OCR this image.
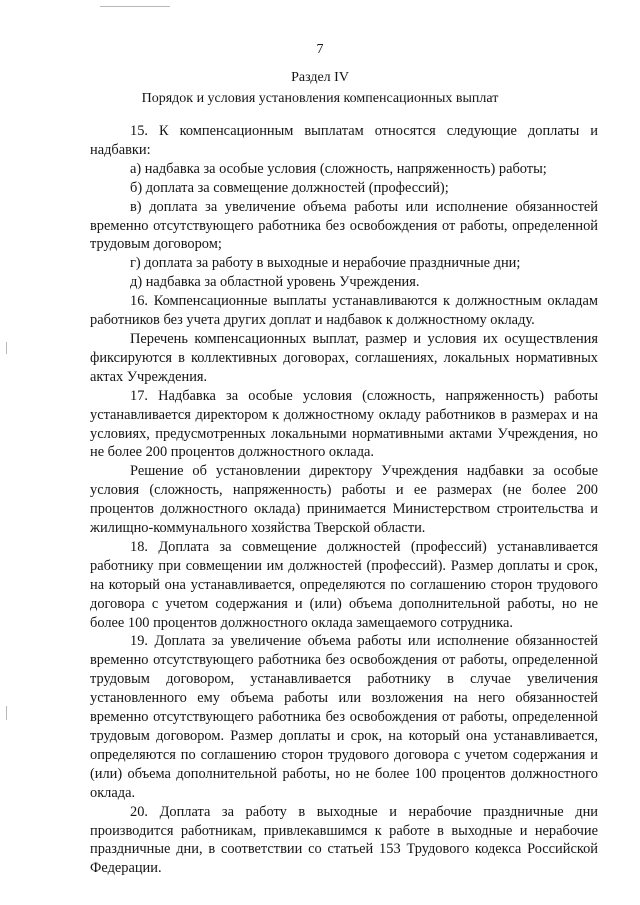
7
Раздел IV
Порядок и условия установления компенсационных выплат

15. К компенсационным выплатам относятся следующие доплаты и надбавки:

а) надбавка за особые условия (сложность, напряженность) работы;

б) доплата за совмещение должностей (профессий);

в) доплата за увеличение объема работы или исполнение обязанностей временно отсутствующего работника без освобождения от работы, определенной трудовым договором;

г) доплата за работу в выходные и нерабочие праздничные дни;

д) надбавка за областной уровень Учреждения.

16. Компенсационные выплаты устанавливаются к должностным окладам работников без учета других доплат и надбавок к должностному окладу.

Перечень компенсационных выплат, размер и условия их осуществления фиксируются в коллективных договорах, соглашениях, локальных нормативных актах Учреждения.

17. Надбавка за особые условия (сложность, напряженность) работы устанавливается директором к должностному окладу работников в размерах и на условиях, предусмотренных локальными нормативными актами Учреждения, но не более 200 процентов должностного оклада.

Решение об установлении директору Учреждения надбавки за особые условия (сложность, напряженность) работы и ее размерах (не более 200 процентов должностного оклада) принимается Министерством строительства и жилищно-коммунального хозяйства Тверской области.

18. Доплата за совмещение должностей (профессий) устанавливается работнику при совмещении им должностей (профессий). Размер доплаты и срок, на который она устанавливается, определяются по соглашению сторон трудового договора с учетом содержания и (или) объема дополнительной работы, но не более 100 процентов должностного оклада замещаемого сотрудника.

19. Доплата за увеличение объема работы или исполнение обязанностей временно отсутствующего работника без освобождения от работы, определенной трудовым договором, устанавливается работнику в случае увеличения установленного ему объема работы или возложения на него обязанностей временно отсутствующего работника без освобождения от работы, определенной трудовым договором. Размер доплаты и срок, на который она устанавливается, определяются по соглашению сторон трудового договора с учетом содержания и (или) объема дополнительной работы, но не более 100 процентов должностного оклада.

20. Доплата за работу в выходные и нерабочие праздничные дни производится работникам, привлекавшимся к работе в выходные и нерабочие праздничные дни, в соответствии со статьей 153 Трудового кодекса Российской Федерации.
